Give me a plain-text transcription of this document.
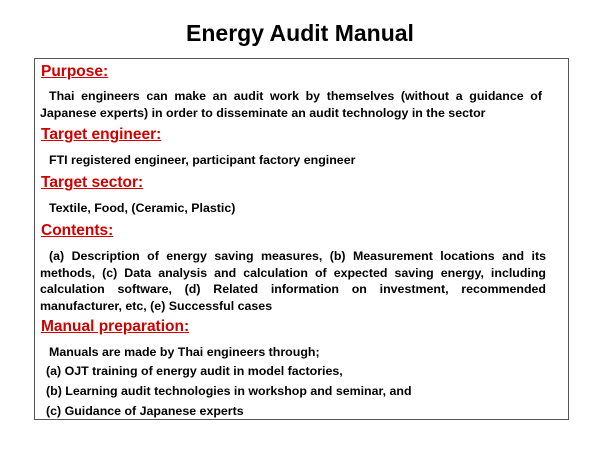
Energy Audit Manual
Purpose:
Thai engineers can make an audit work by themselves (without a guidance of Japanese experts) in order to disseminate an audit technology in the sector
Target engineer:
FTI registered engineer, participant factory engineer
Target sector:
Textile, Food, (Ceramic, Plastic)
Contents:
(a) Description of energy saving measures, (b) Measurement locations and its methods, (c) Data analysis and calculation of expected saving energy, including calculation software, (d) Related information on investment, recommended manufacturer, etc, (e) Successful cases
Manual preparation:
Manuals are made by Thai engineers through;
(a) OJT training of energy audit in model factories,
(b) Learning audit technologies in workshop and seminar, and
(c) Guidance of Japanese experts
